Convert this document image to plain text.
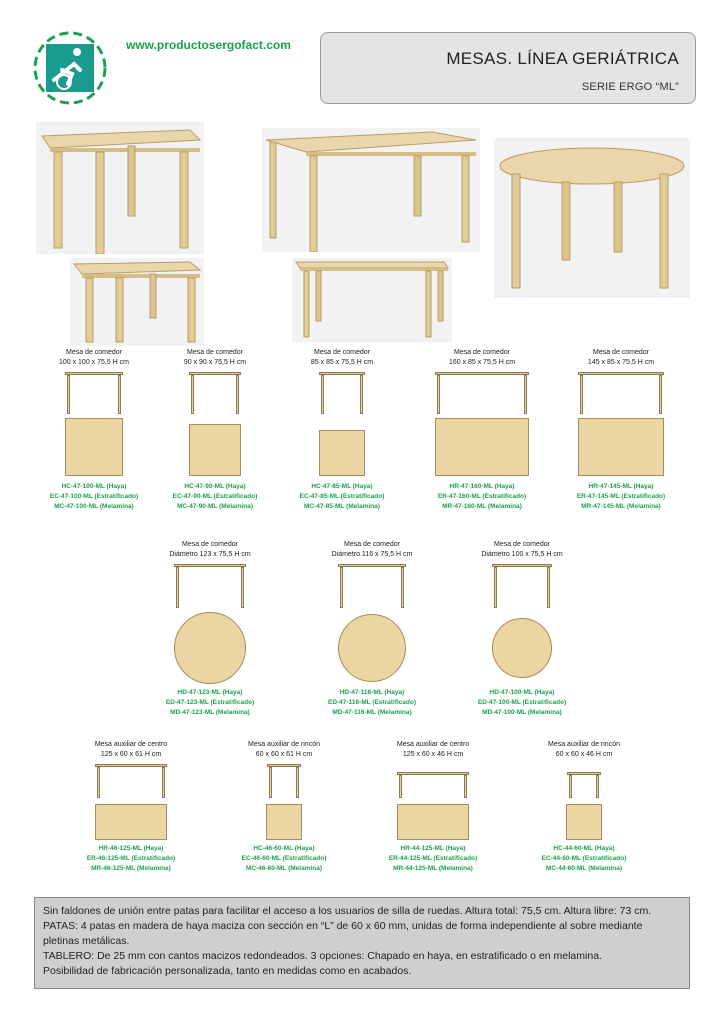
www.productosergofact.com
MESAS. LÍNEA GERIÁTRICA
SERIE ERGO “ML”
Mesa de comedor
100 x 100 x 75,5 H cm
HC-47-100-ML (Haya)
EC-47-100-ML (Estratificado)
MC-47-100-ML (Melamina)
Mesa de comedor
90 x 90 x 75,5 H cm
HC-47-90-ML (Haya)
EC-47-90-ML (Estratificado)
MC-47-90-ML (Melamina)
Mesa de comedor
85 x 85 x 75,5 H cm
HC-47-85-ML (Haya)
EC-47-85-ML (Estratificado)
MC-47-85-ML (Melamina)
Mesa de comedor
160 x 85 x 75,5 H cm
HR-47-160-ML (Haya)
ER-47-160-ML (Estratificado)
MR-47-160-ML (Melamina)
Mesa de comedor
145 x 85 x 75,5 H cm
HR-47-145-ML (Haya)
ER-47-145-ML (Estratificado)
MR-47-145-ML (Melamina)
Mesa de comedor
Diámetro 123 x 75,5 H cm
HD-47-123-ML (Haya)
ED-47-123-ML (Estratificado)
MD-47-123-ML (Melamina)
Mesa de comedor
Diámetro 116 x 75,5 H cm
HD-47-116-ML (Haya)
ED-47-116-ML (Estratificado)
MD-47-116-ML (Melamina)
Mesa de comedor
Diámetro 100 x 75,5 H cm
HD-47-100-ML (Haya)
ED-47-100-ML (Estratificado)
MD-47-100-ML (Melamina)
Mesa auxiliar de centro
125 x 60 x 61 H cm
HR-46-125-ML (Haya)
ER-46-125-ML (Estratificado)
MR-46-125-ML (Melamina)
Mesa auxiliar de rincón
60 x 60 x 61 H cm
HC-46-60-ML (Haya)
EC-46-60-ML (Estratificado)
MC-46-60-ML (Melamina)
Mesa auxiliar de centro
125 x 60 x 46 H cm
HR-44-125-ML (Haya)
ER-44-125-ML (Estratificado)
MR-44-125-ML (Melamina)
Mesa auxiliar de rincón
60 x 60 x 46 H cm
HC-44-60-ML (Haya)
EC-44-60-ML (Estratificado)
MC-44-60-ML (Melamina)

Sin faldones de unión entre patas para facilitar el acceso a los usuarios de silla de ruedas. Altura total: 75,5 cm. Altura libre: 73 cm.

PATAS: 4 patas en madera de haya maciza con sección en “L” de 60 x 60 mm, unidas de forma independiente al sobre mediante pletinas metálicas.

TABLERO: De 25 mm con cantos macizos redondeados. 3 opciones: Chapado en haya, en estratificado o en melamina.

Posibilidad de fabricación personalizada, tanto en medidas como en acabados.
